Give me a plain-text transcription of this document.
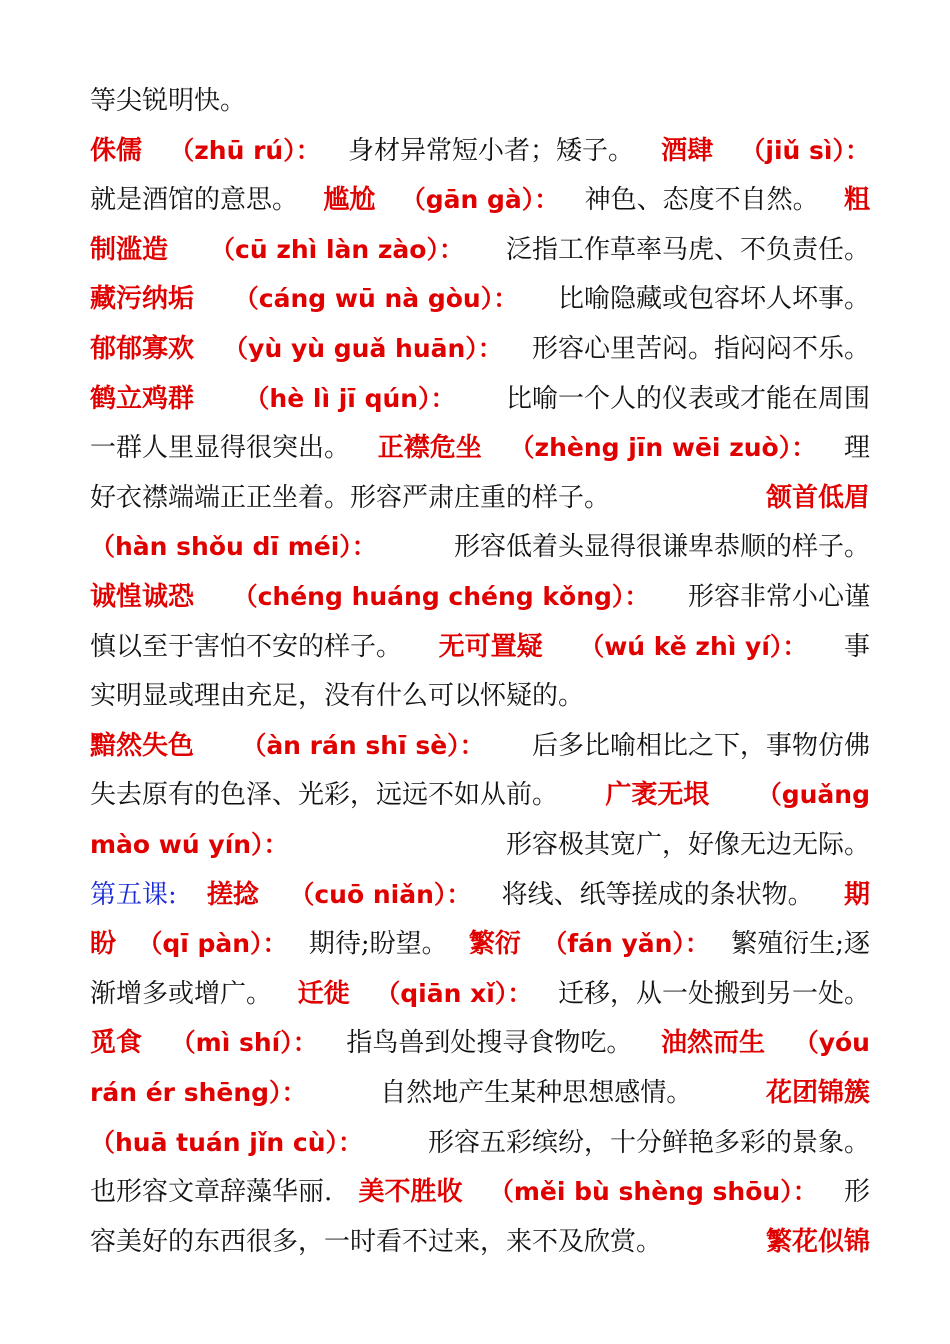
等尖锐明快。
侏儒 （zhū rú）： 身材异常短小者；矮子。 酒肆 （jiǔ sì）：
就是酒馆的意思。 尴尬 （gān gà）： 神色、态度不自然。 粗
制滥造 （cū zhì làn zào）： 泛指工作草率马虎、不负责任。
藏污纳垢 （cáng wū nà gòu）： 比喻隐藏或包容坏人坏事。
郁郁寡欢 （yù yù guǎ huān）： 形容心里苦闷。指闷闷不乐。
鹤立鸡群 （hè lì jī qún）： 比喻一个人的仪表或才能在周围
一群人里显得很突出。 正襟危坐 （zhèng jīn wēi zuò）： 理
好衣襟端端正正坐着。形容严肃庄重的样子。	颔首低眉
（hàn shǒu dī méi）：	形容低着头显得很谦卑恭顺的样子。
诚惶诚恐 （chéng huáng chéng kǒng）： 形容非常小心谨
慎以至于害怕不安的样子。 无可置疑 （wú kě zhì yí）： 事
实明显或理由充足，没有什么可以怀疑的。
黯然失色 （àn rán shī sè）： 后多比喻相比之下，事物仿佛
失去原有的色泽、光彩，远远不如从前。 广袤无垠 （guǎng
mào wú yín）：	形容极其宽广，好像无边无际。
第五课: 搓捻 （cuō niǎn）： 将线、纸等搓成的条状物。 期
盼 （qī pàn）： 期待;盼望。 繁衍 （fán yǎn）： 繁殖衍生;逐
渐增多或增广。 迁徙 （qiān xǐ）： 迁移，从一处搬到另一处。
觅食 （mì shí）： 指鸟兽到处搜寻食物吃。 油然而生 （yóu
rán ér shēng）：	自然地产生某种思想感情。	花团锦簇
（huā tuán jǐn cù）： 形容五彩缤纷，十分鲜艳多彩的景象。
也形容文章辞藻华丽. 美不胜收 （měi bù shèng shōu）： 形
容美好的东西很多，一时看不过来，来不及欣赏。	繁花似锦
